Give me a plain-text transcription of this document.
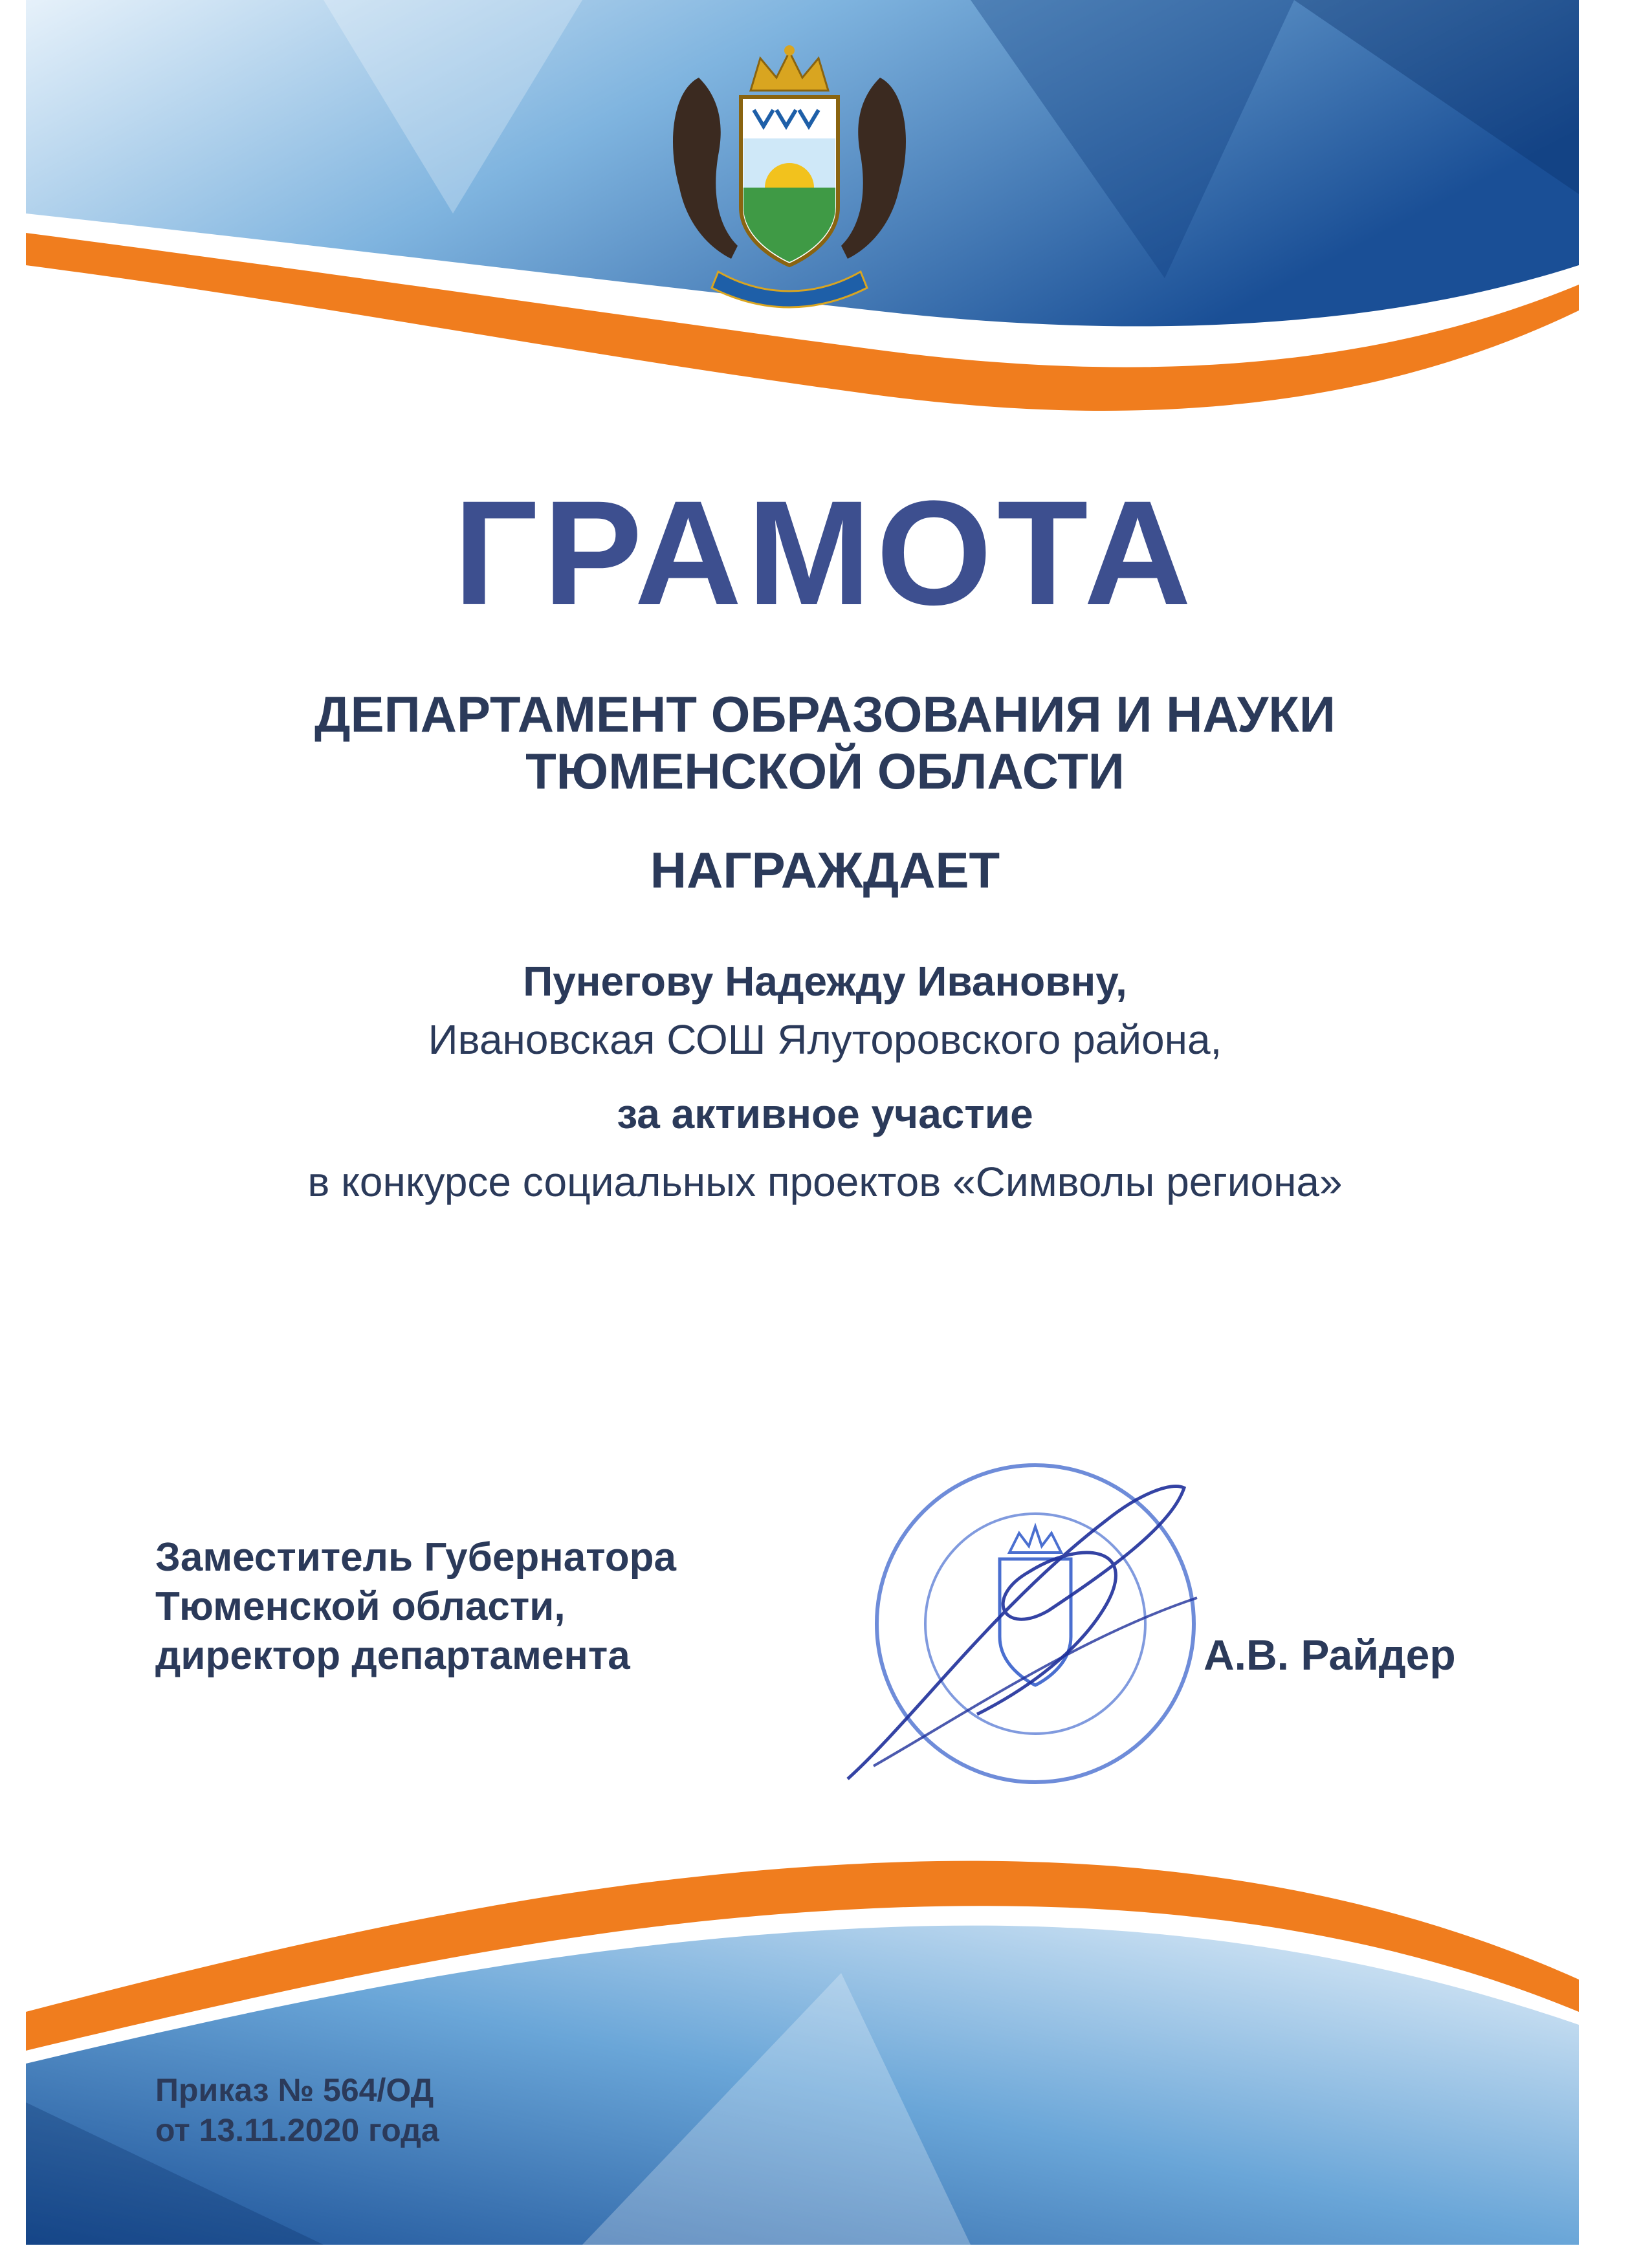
ГРАМОТА
ДЕПАРТАМЕНТ ОБРАЗОВАНИЯ И НАУКИ
ТЮМЕНСКОЙ ОБЛАСТИ
НАГРАЖДАЕТ
Пунегову Надежду Ивановну,
Ивановская СОШ Ялуторовского района,
за активное участие
в конкурсе социальных проектов «Символы региона»
Заместитель Губернатора
Тюменской области,
директор департамента	А.В. Райдер
Приказ № 564/ОД
от 13.11.2020 года
